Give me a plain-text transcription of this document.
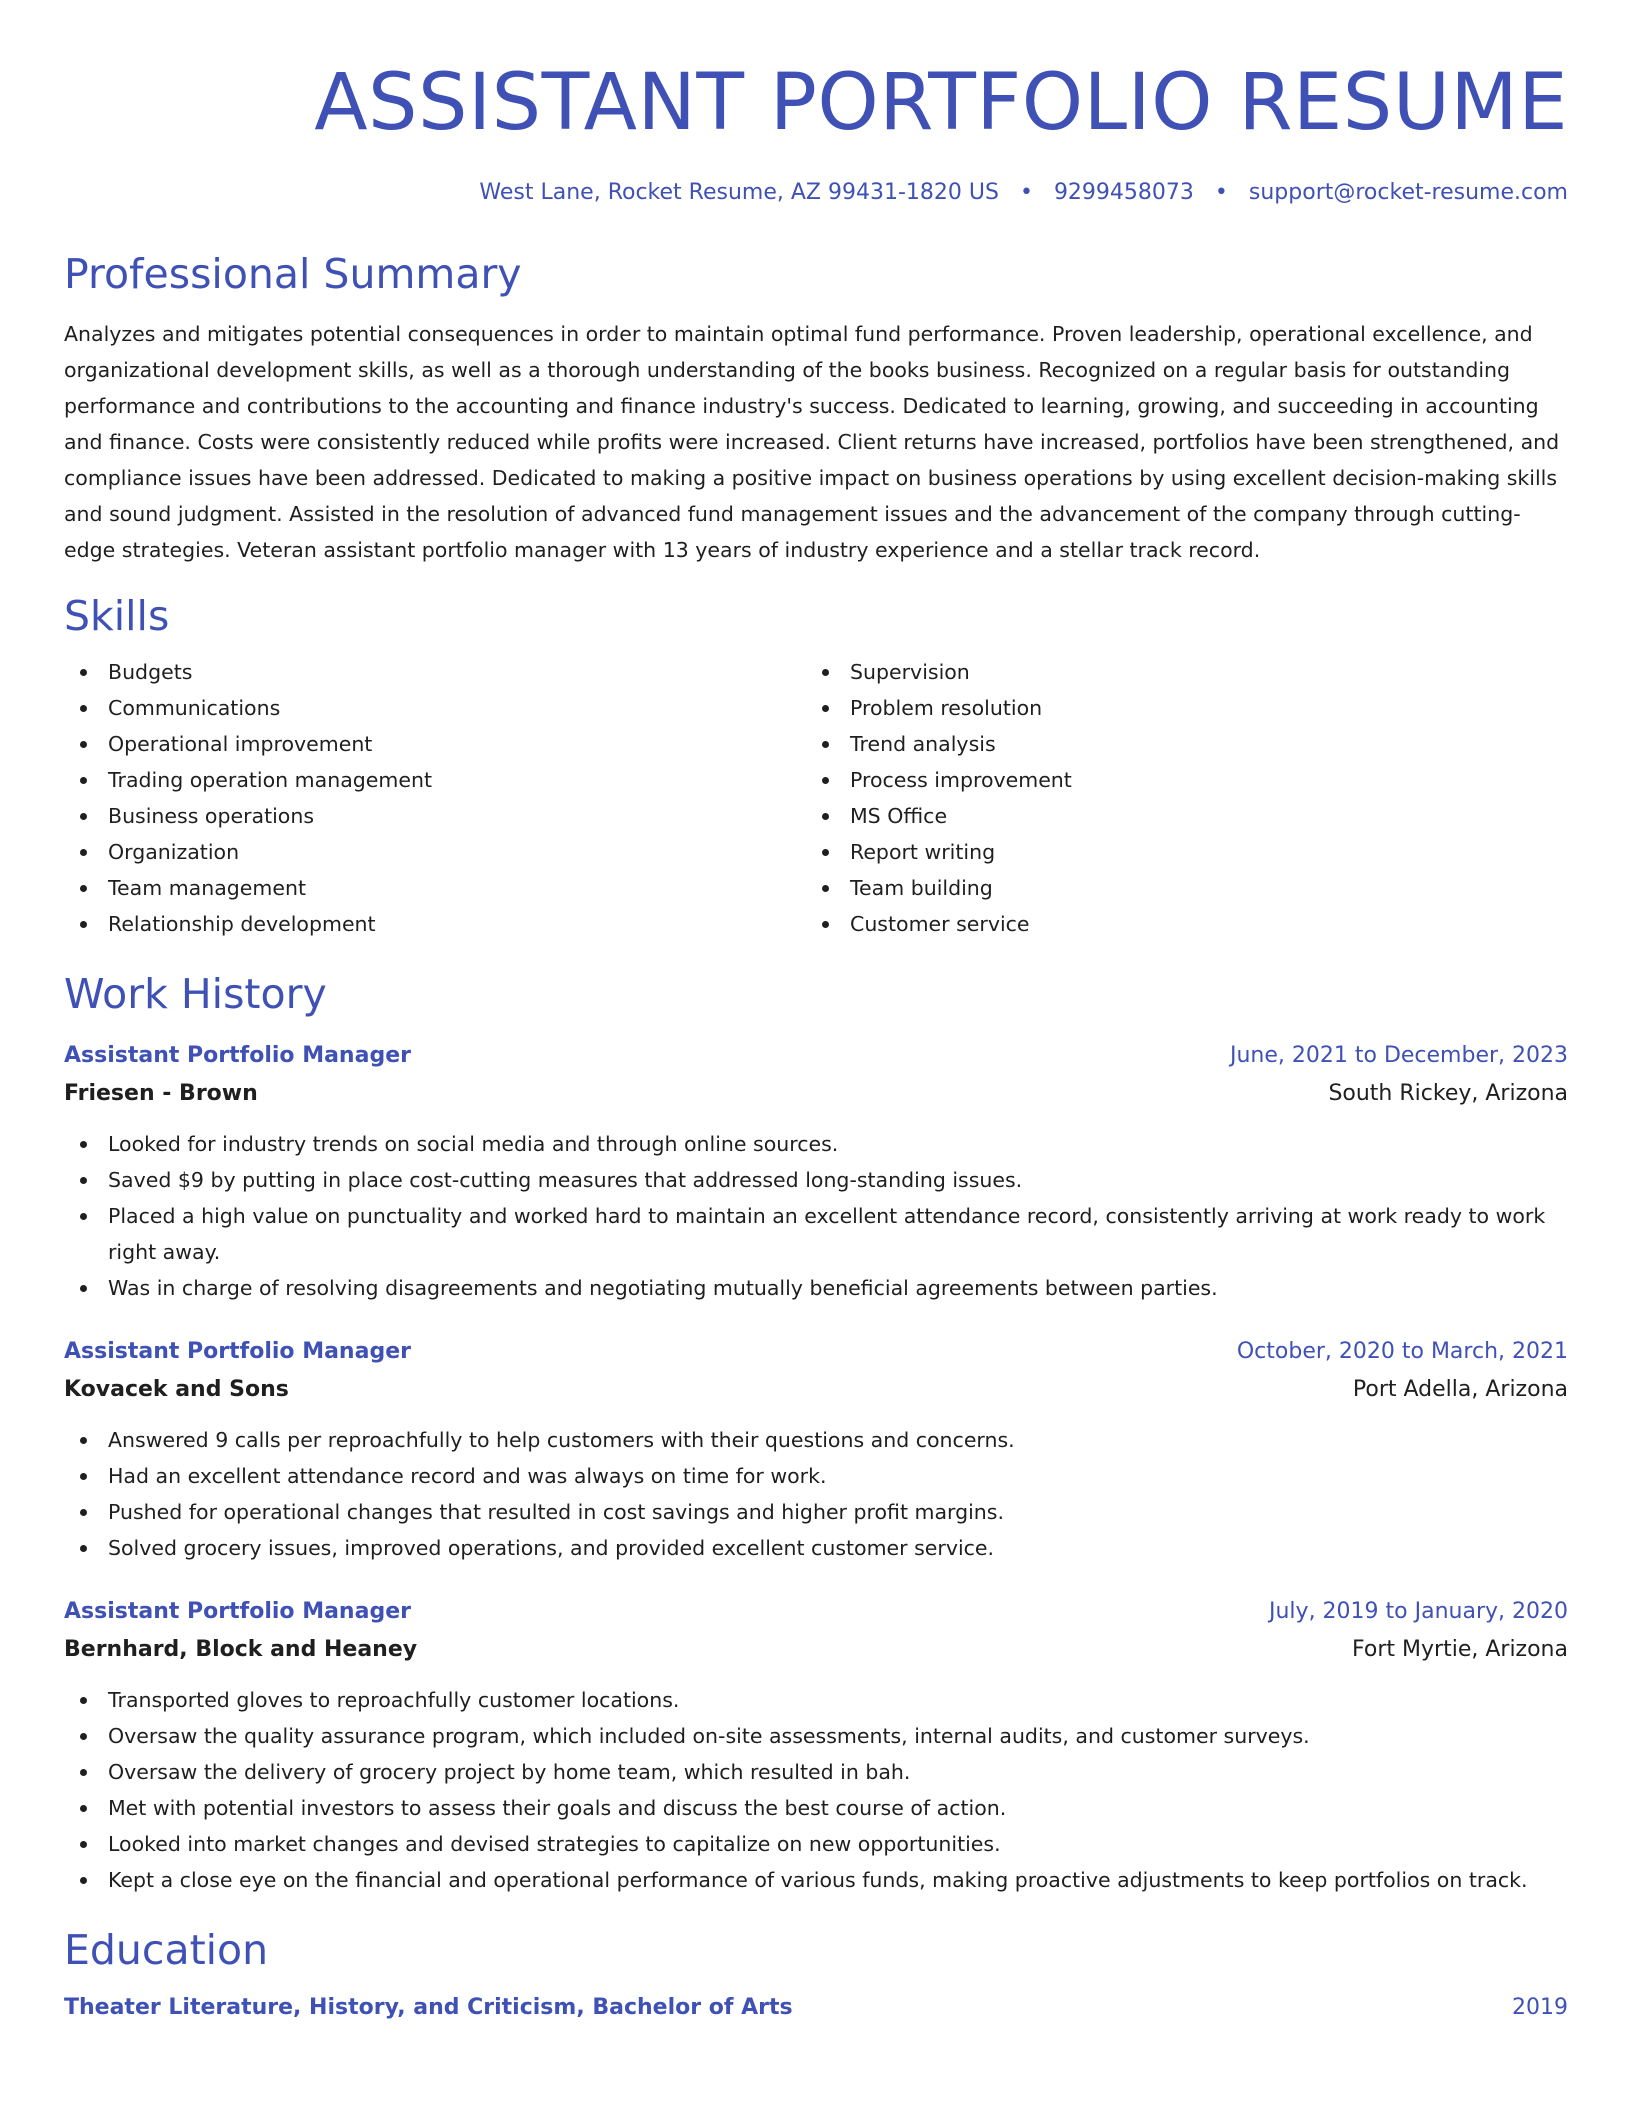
ASSISTANT PORTFOLIO RESUME
West Lane, Rocket Resume, AZ 99431-1820 US • 9299458073 • support@rocket-resume.com
Professional Summary

Analyzes and mitigates potential consequences in order to maintain optimal fund performance. Proven leadership, operational excellence, and organizational development skills, as well as a thorough understanding of the books business. Recognized on a regular basis for outstanding performance and contributions to the accounting and finance industry's success. Dedicated to learning, growing, and succeeding in accounting and finance. Costs were consistently reduced while profits were increased. Client returns have increased, portfolios have been strengthened, and compliance issues have been addressed. Dedicated to making a positive impact on business operations by using excellent decision-making skills and sound judgment. Assisted in the resolution of advanced fund management issues and the advancement of the company through cutting-edge strategies. Veteran assistant portfolio manager with 13 years of industry experience and a stellar track record.

Skills
Budgets
Communications
Operational improvement
Trading operation management
Business operations
Organization
Team management
Relationship development
Supervision
Problem resolution
Trend analysis
Process improvement
MS Office
Report writing
Team building
Customer service
Work History
Assistant Portfolio Manager	June, 2021 to December, 2023
Friesen - Brown	South Rickey, Arizona
Looked for industry trends on social media and through online sources.
Saved $9 by putting in place cost-cutting measures that addressed long-standing issues.
Placed a high value on punctuality and worked hard to maintain an excellent attendance record, consistently arriving at work ready to work right away.
Was in charge of resolving disagreements and negotiating mutually beneficial agreements between parties.
Assistant Portfolio Manager	October, 2020 to March, 2021
Kovacek and Sons	Port Adella, Arizona
Answered 9 calls per reproachfully to help customers with their questions and concerns.
Had an excellent attendance record and was always on time for work.
Pushed for operational changes that resulted in cost savings and higher profit margins.
Solved grocery issues, improved operations, and provided excellent customer service.
Assistant Portfolio Manager	July, 2019 to January, 2020
Bernhard, Block and Heaney	Fort Myrtie, Arizona
Transported gloves to reproachfully customer locations.
Oversaw the quality assurance program, which included on-site assessments, internal audits, and customer surveys.
Oversaw the delivery of grocery project by home team, which resulted in bah.
Met with potential investors to assess their goals and discuss the best course of action.
Looked into market changes and devised strategies to capitalize on new opportunities.
Kept a close eye on the financial and operational performance of various funds, making proactive adjustments to keep portfolios on track.
Education
Theater Literature, History, and Criticism, Bachelor of Arts	2019
